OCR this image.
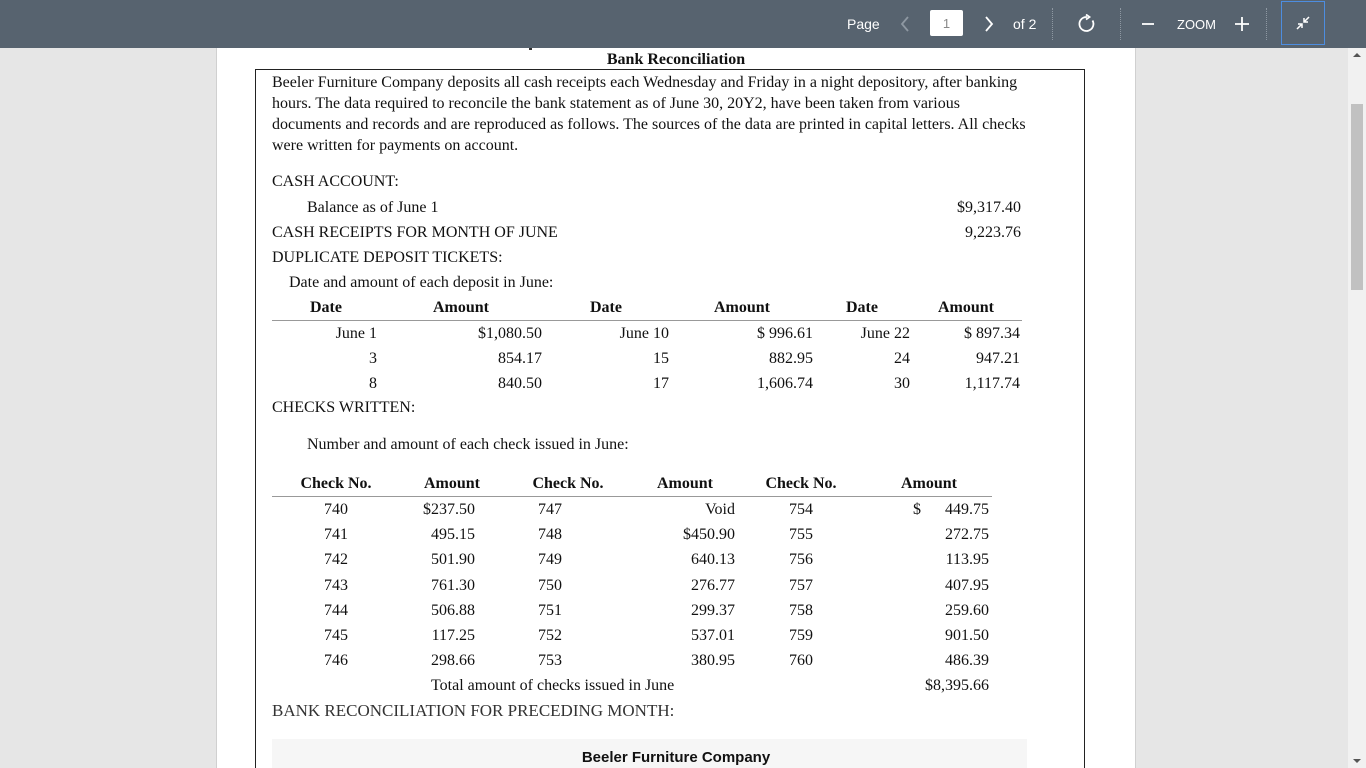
Page	1	of 2	ZOOM
Bank Reconciliation
Beeler Furniture Company deposits all cash receipts each Wednesday and Friday in a night depository, after banking hours. The data required to reconcile the bank statement as of June 30, 20Y2, have been taken from various documents and records and are reproduced as follows. The sources of the data are printed in capital letters. All checks were written for payments on account.
CASH ACCOUNT:
Balance as of June 1	$9,317.40
CASH RECEIPTS FOR MONTH OF JUNE	9,223.76
DUPLICATE DEPOSIT TICKETS:
Date and amount of each deposit in June:
Date	Amount	Date	Amount	Date	Amount
June 1	$1,080.50	June 10	$ 996.61	June 22	$ 897.34
3	854.17	15	882.95	24	947.21
8	840.50	17	1,606.74	30	1,117.74
CHECKS WRITTEN:
Number and amount of each check issued in June:
Check No.	Amount	Check No.	Amount	Check No.	Amount
740	$237.50	747	Void	754	449.75
741	495.15	748	$450.90	755	272.75
742	501.90	749	640.13	756	113.95
743	761.30	750	276.77	757	407.95
744	506.88	751	299.37	758	259.60
745	117.25	752	537.01	759	901.50
746	298.66	753	380.95	760	486.39
$
Total amount of checks issued in June	$8,395.66
BANK RECONCILIATION FOR PRECEDING MONTH:
Beeler Furniture Company
